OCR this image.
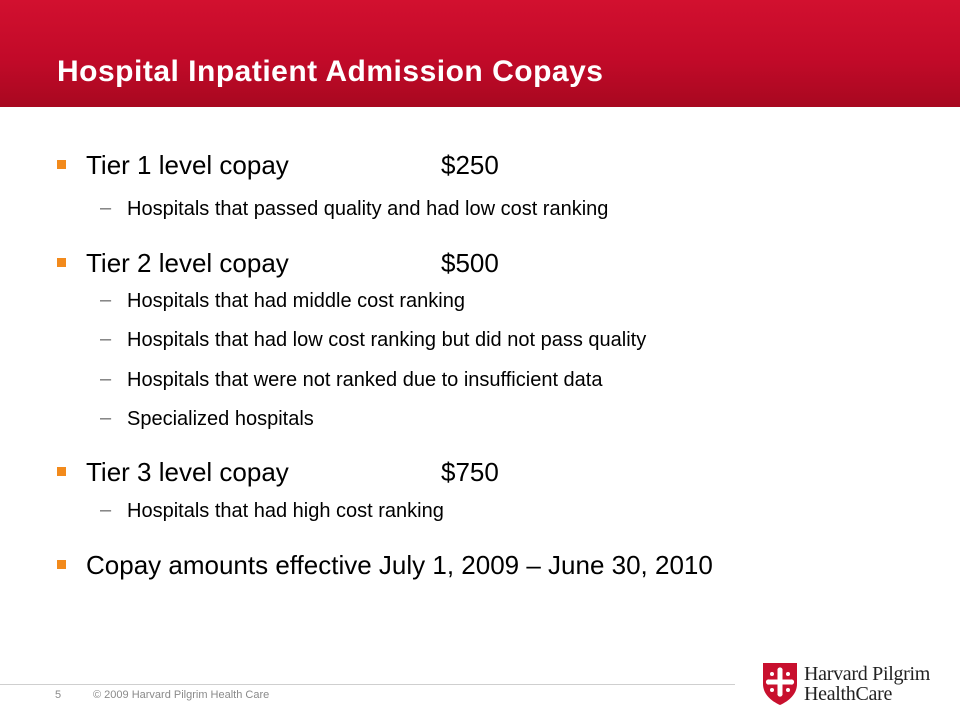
Hospital Inpatient Admission Copays
Tier 1 level copay	$250
– Hospitals that passed quality and had low cost ranking
Tier 2 level copay	$500
– Hospitals that had middle cost ranking
– Hospitals that had low cost ranking but did not pass quality
– Hospitals that were not ranked due to insufficient data
– Specialized hospitals
Tier 3 level copay	$750
– Hospitals that had high cost ranking
Copay amounts effective July 1, 2009 – June 30, 2010
5	© 2009 Harvard Pilgrim Health Care
Harvard Pilgrim
HealthCare
